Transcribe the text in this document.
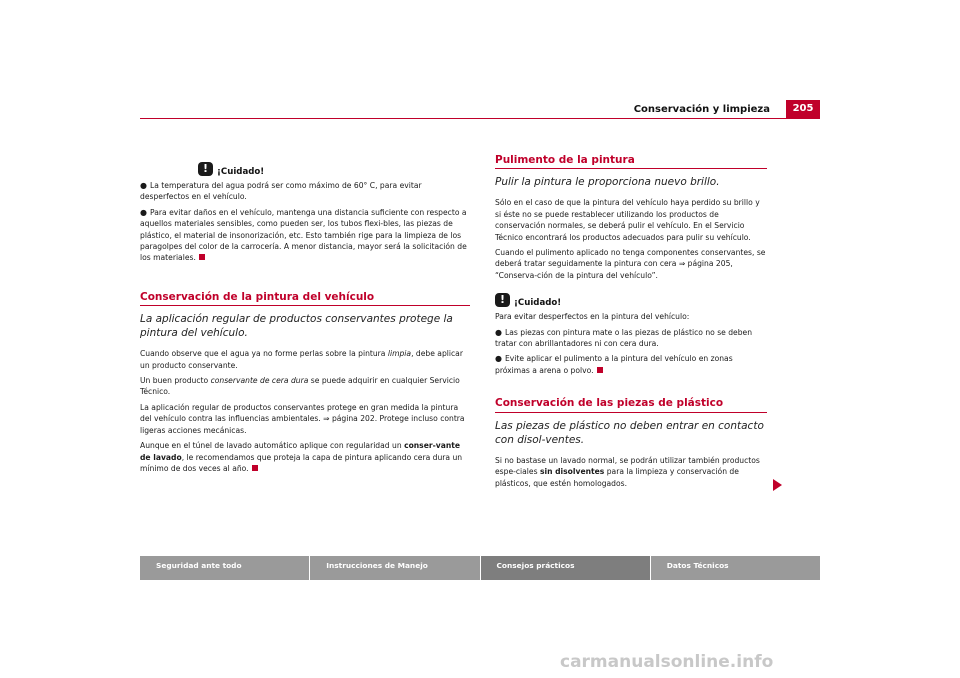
Conservación y limpieza	205
!	¡Cuidado!

● La temperatura del agua podrá ser como máximo de 60° C, para evitar desperfectos en el vehículo.

● Para evitar daños en el vehículo, mantenga una distancia suficiente con respecto a aquellos materiales sensibles, como pueden ser, los tubos flexi-bles, las piezas de plástico, el material de insonorización, etc. Esto también rige para la limpieza de los paragolpes del color de la carrocería. A menor distancia, mayor será la solicitación de los materiales.

Conservación de la pintura del vehículo
La aplicación regular de productos conservantes protege la pintura del vehículo.

Cuando observe que el agua ya no forme perlas sobre la pintura limpia, debe aplicar un producto conservante.

Un buen producto conservante de cera dura se puede adquirir en cualquier Servicio Técnico.

La aplicación regular de productos conservantes protege en gran medida la pintura del vehículo contra las influencias ambientales. ⇒ página 202. Protege incluso contra ligeras acciones mecánicas.

Aunque en el túnel de lavado automático aplique con regularidad un conser-vante de lavado, le recomendamos que proteja la capa de pintura aplicando cera dura un mínimo de dos veces al año.

Pulimento de la pintura
Pulir la pintura le proporciona nuevo brillo.

Sólo en el caso de que la pintura del vehículo haya perdido su brillo y si éste no se puede restablecer utilizando los productos de conservación normales, se deberá pulir el vehículo. En el Servicio Técnico encontrará los productos adecuados para pulir su vehículo.

Cuando el pulimento aplicado no tenga componentes conservantes, se deberá tratar seguidamente la pintura con cera ⇒ página 205, “Conserva-ción de la pintura del vehículo”.

!	¡Cuidado!

Para evitar desperfectos en la pintura del vehículo:

● Las piezas con pintura mate o las piezas de plástico no se deben tratar con abrillantadores ni con cera dura.

● Evite aplicar el pulimento a la pintura del vehículo en zonas próximas a arena o polvo.

Conservación de las piezas de plástico
Las piezas de plástico no deben entrar en contacto con disol-ventes.

Si no bastase un lavado normal, se podrán utilizar también productos espe-ciales sin disolventes para la limpieza y conservación de plásticos, que estén homologados.

Seguridad ante todo	Instrucciones de Manejo	Consejos prácticos	Datos Técnicos
carmanualsonline.info
